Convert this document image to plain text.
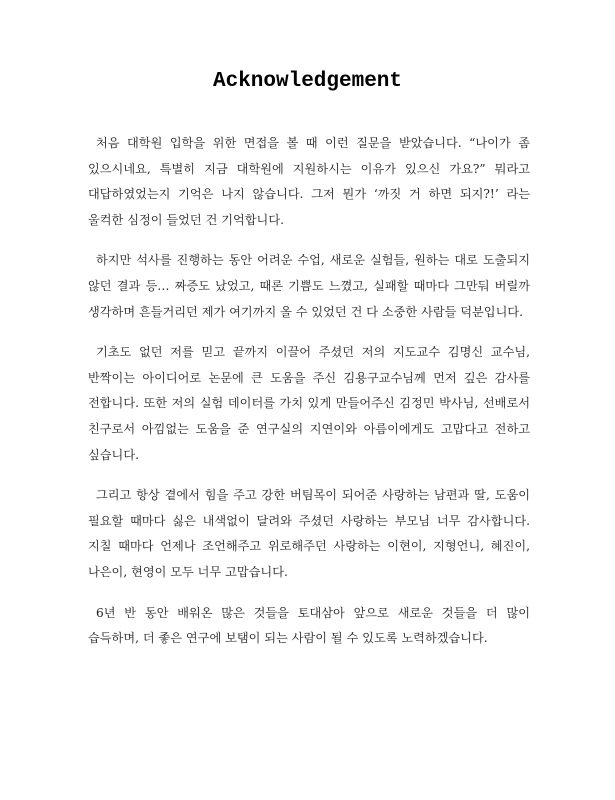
Acknowledgement

처음 대학원 입학을 위한 면접을 볼 때 이런 질문을 받았습니다. “나이가 좀 있으시네요, 특별히 지금 대학원에 지원하시는 이유가 있으신 가요?” 뭐라고 대답하였었는지 기억은 나지 않습니다. 그저 뭔가 ‘까짓 거 하면 되지?!’ 라는 울컥한 심정이 들었던 건 기억합니다.

하지만 석사를 진행하는 동안 어려운 수업, 새로운 실험들, 원하는 대로 도출되지 않던 결과 등… 짜증도 났었고, 때론 기쁨도 느꼈고, 실패할 때마다 그만둬 버릴까 생각하며 흔들거리던 제가 여기까지 올 수 있었던 건 다 소중한 사람들 덕분입니다.

기초도 없던 저를 믿고 끝까지 이끌어 주셨던 저의 지도교수 김명신 교수님, 반짝이는 아이디어로 논문에 큰 도움을 주신 김용구교수님께 먼저 깊은 감사를 전합니다. 또한 저의 실험 데이터를 가치 있게 만들어주신 김정민 박사님, 선배로서 친구로서 아낌없는 도움을 준 연구실의 지연이와 아름이에게도 고맙다고 전하고 싶습니다.

그리고 항상 곁에서 힘을 주고 강한 버팀목이 되어준 사랑하는 남편과 딸, 도움이 필요할 때마다 싫은 내색없이 달려와 주셨던 사랑하는 부모님 너무 감사합니다. 지칠 때마다 언제나 조언해주고 위로해주던 사랑하는 이현이, 지형언니, 혜진이, 나은이, 현영이 모두 너무 고맙습니다.

6년 반 동안 배워온 많은 것들을 토대삼아 앞으로 새로운 것들을 더 많이 습득하며, 더 좋은 연구에 보탬이 되는 사람이 될 수 있도록 노력하겠습니다.
